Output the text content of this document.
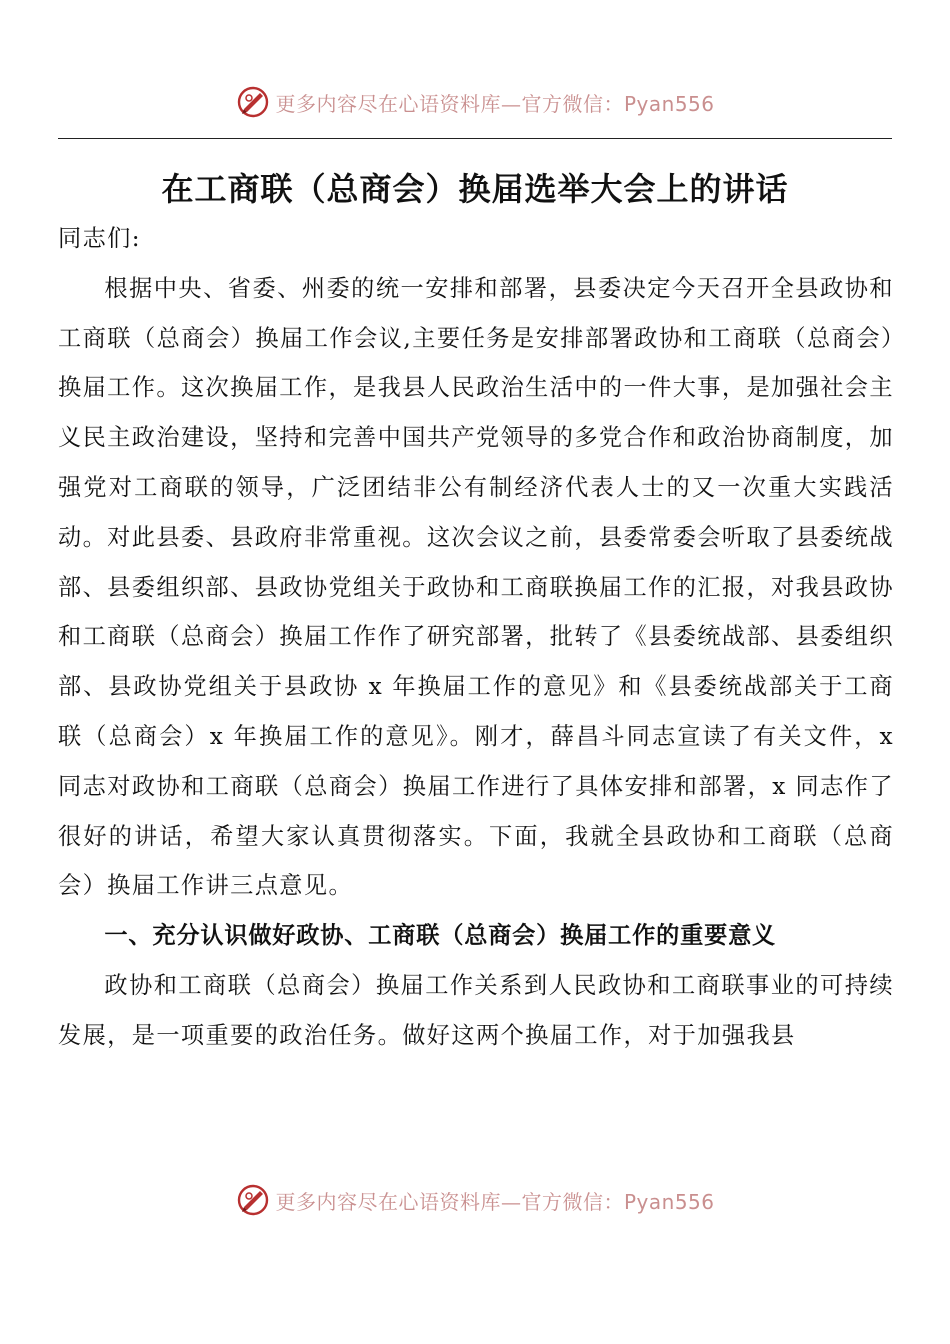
更多内容尽在心语资料库—官方微信：Pyan556
在工商联（总商会）换届选举大会上的讲话

同志们:

根据中央、省委、州委的统一安排和部署，县委决定今天召开全县政协和工商联（总商会）换届工作会议,主要任务是安排部署政协和工商联（总商会）换届工作。这次换届工作，是我县人民政治生活中的一件大事，是加强社会主义民主政治建设，坚持和完善中国共产党领导的多党合作和政治协商制度，加强党对工商联的领导，广泛团结非公有制经济代表人士的又一次重大实践活动。对此县委、县政府非常重视。这次会议之前，县委常委会听取了县委统战部、县委组织部、县政协党组关于政协和工商联换届工作的汇报，对我县政协和工商联（总商会）换届工作作了研究部署，批转了《县委统战部、县委组织部、县政协党组关于县政协 x 年换届工作的意见》和《县委统战部关于工商联（总商会）x 年换届工作的意见》。刚才，薛昌斗同志宣读了有关文件，x 同志对政协和工商联（总商会）换届工作进行了具体安排和部署，x 同志作了很好的讲话，希望大家认真贯彻落实。下面，我就全县政协和工商联（总商会）换届工作讲三点意见。

一、充分认识做好政协、工商联（总商会）换届工作的重要意义

政协和工商联（总商会）换届工作关系到人民政协和工商联事业的可持续发展，是一项重要的政治任务。做好这两个换届工作，对于加强我县

更多内容尽在心语资料库—官方微信：Pyan556
